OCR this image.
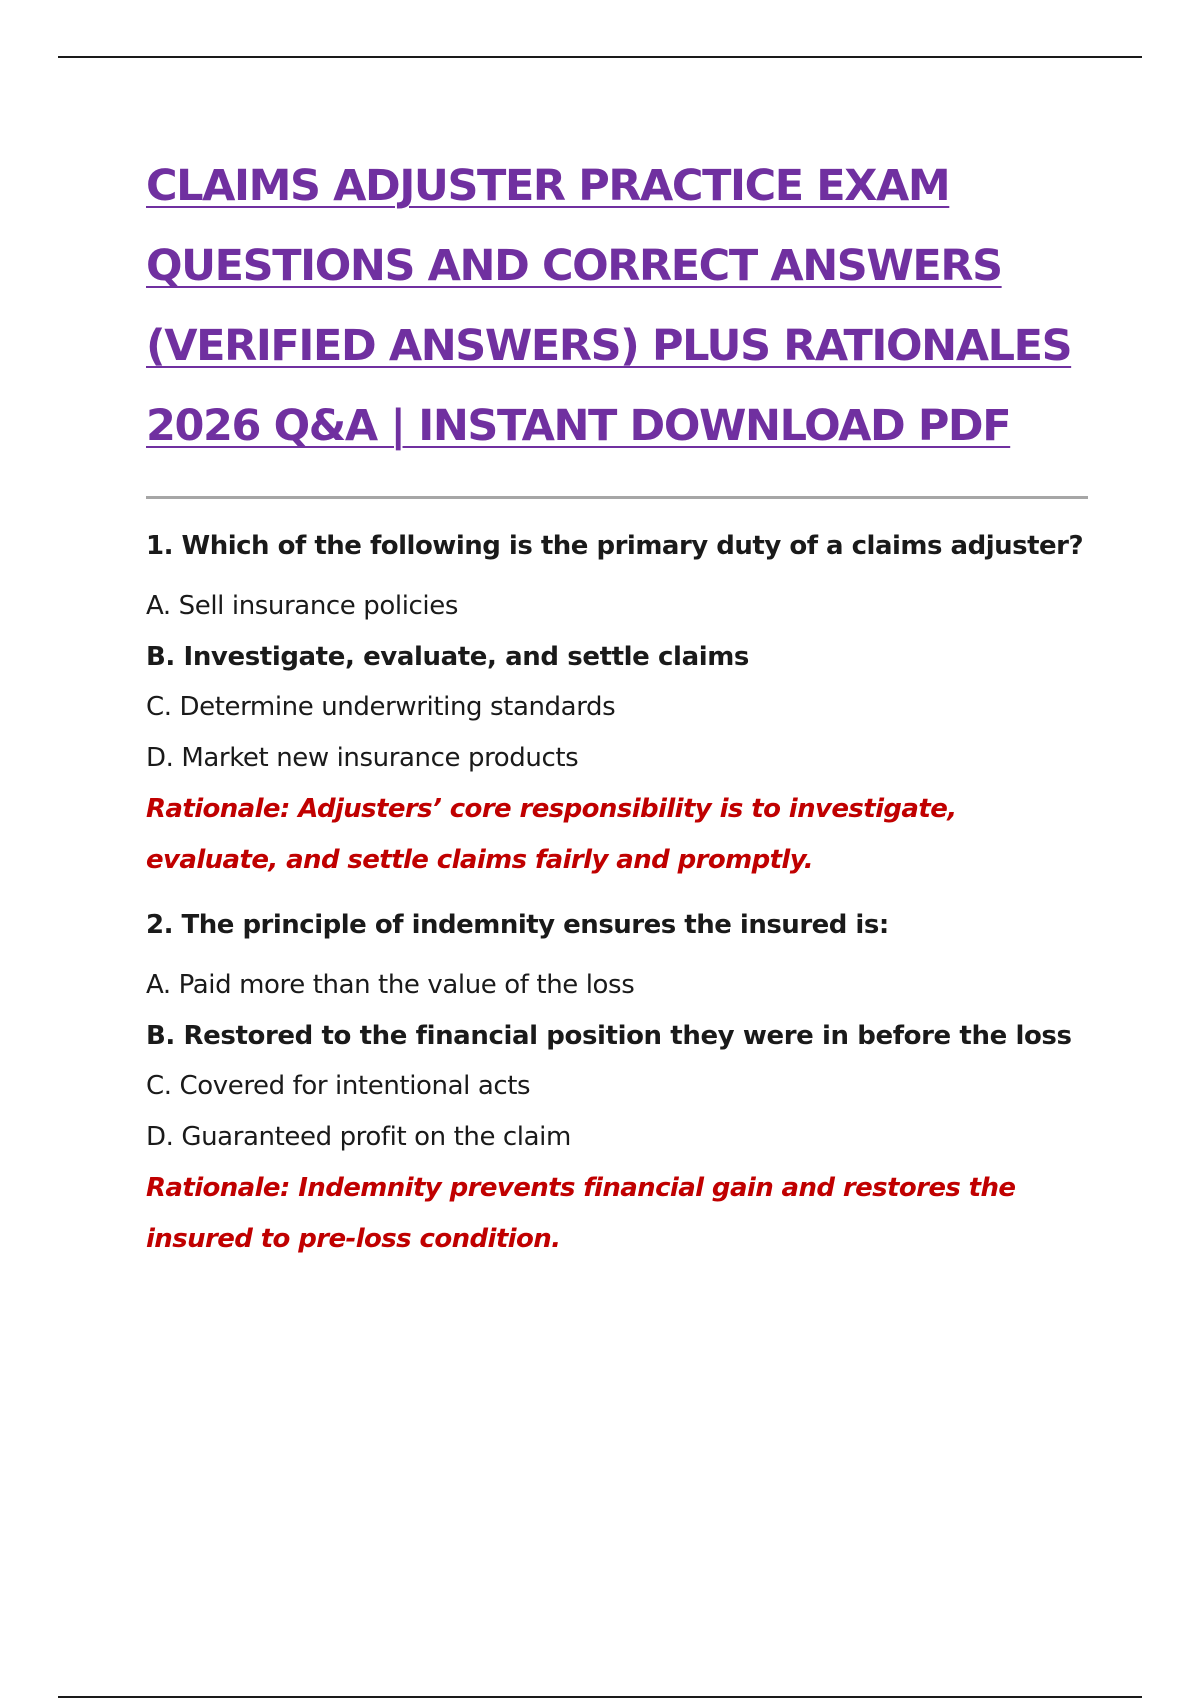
CLAIMS ADJUSTER PRACTICE EXAM
QUESTIONS AND CORRECT ANSWERS
(VERIFIED ANSWERS) PLUS RATIONALES
2026 Q&A | INSTANT DOWNLOAD PDF

1. Which of the following is the primary duty of a claims adjuster?

A. Sell insurance policies
B. Investigate, evaluate, and settle claims
C. Determine underwriting standards
D. Market new insurance products
Rationale: Adjusters’ core responsibility is to investigate, evaluate, and settle claims fairly and promptly.

2. The principle of indemnity ensures the insured is:

A. Paid more than the value of the loss
B. Restored to the financial position they were in before the loss
C. Covered for intentional acts
D. Guaranteed profit on the claim
Rationale: Indemnity prevents financial gain and restores the insured to pre-loss condition.
